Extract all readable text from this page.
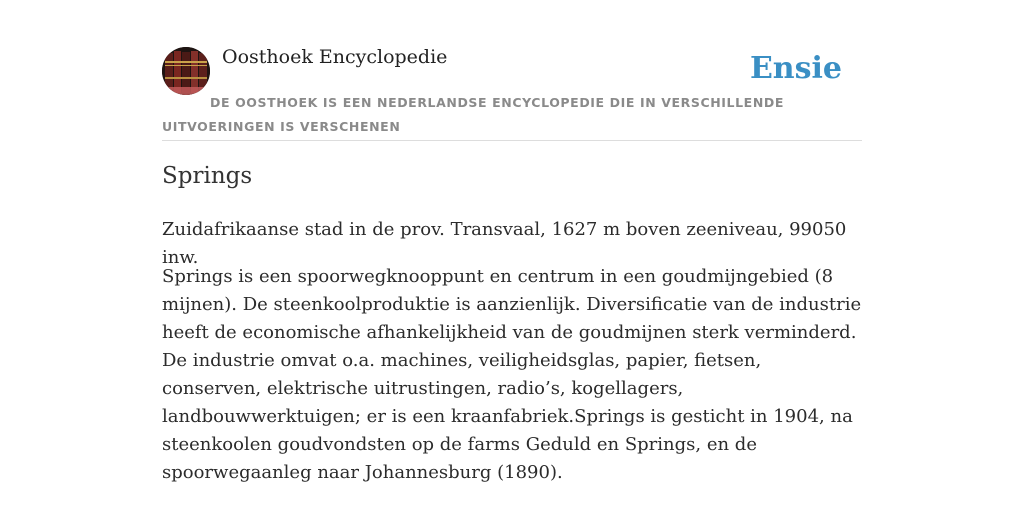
Oosthoek Encyclopedie	Ensie
DE OOSTHOEK IS EEN NEDERLANDSE ENCYCLOPEDIE DIE IN VERSCHILLENDE UITVOERINGEN IS VERSCHENEN
Springs

Zuidafrikaanse stad in de prov. Transvaal, 1627 m boven zeeniveau, 99050 inw.

Springs is een spoorwegknooppunt en centrum in een goudmijngebied (8 mijnen). De steenkoolproduktie is aanzienlijk. Diversificatie van de industrie heeft de economische afhankelijkheid van de goudmijnen sterk verminderd. De industrie omvat o.a. machines, veiligheidsglas, papier, fietsen, conserven, elektrische uitrustingen, radio’s, kogellagers, landbouwwerktuigen; er is een kraanfabriek.Springs is gesticht in 1904, na steenkoolen goudvondsten op de farms Geduld en Springs, en de spoorwegaanleg naar Johannesburg (1890).
